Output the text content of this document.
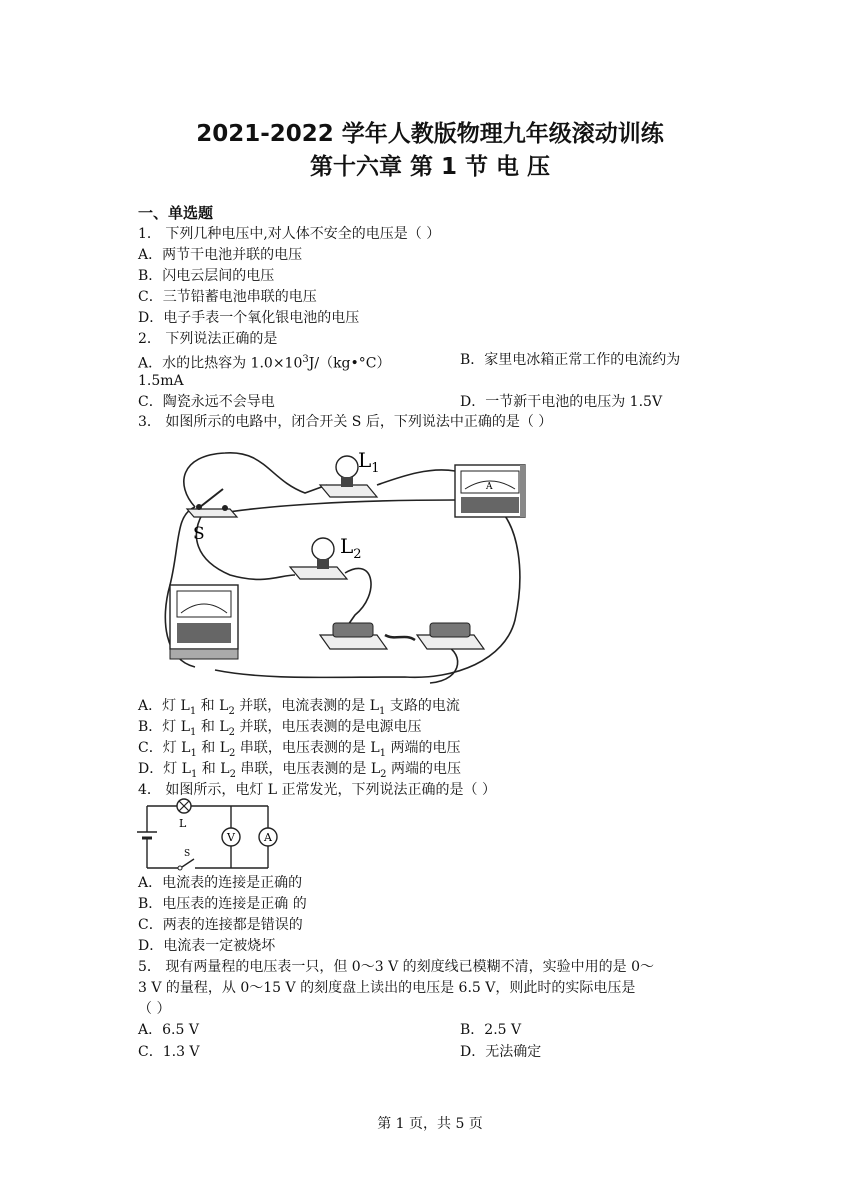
2021-2022 学年人教版物理九年级滚动训练
第十六章 第 1 节 电 压
一、单选题
1． 下列几种电压中,对人体不安全的电压是（ ）
A．两节干电池并联的电压
B．闪电云层间的电压
C．三节铅蓄电池串联的电压
D．电子手表一个氧化银电池的电压
2． 下列说法正确的是
A．水的比热容为 $1.0\times 10^3J/(kg•^\circ C)$	B．家里电冰箱正常工作的电流约为
1.5mA
C．陶瓷永远不会导电	D．一节新干电池的电压为 1.5V
3． 如图所示的电路中，闭合开关 S 后，下列说法中正确的是（ ）
S
$L_1$
$L_2$
A
A．灯 $L_1$ 和 $L_2$ 并联，电流表测的是 $L_1$ 支路的电流
B．灯 $L_1$ 和 $L_2$ 并联，电压表测的是电源电压
C．灯 $L_1$ 和 $L_2$ 串联，电压表测的是 $L_1$ 两端的电压
D．灯 $L_1$ 和 $L_2$ 串联，电压表测的是 $L_2$ 两端的电压
4． 如图所示，电灯 L 正常发光，下列说法正确的是（ ）
L
S
V	A
A．电流表的连接是正确的
B．电压表的连接是正确 的
C．两表的连接都是错误的
D．电流表一定被烧坏
5． 现有两量程的电压表一只，但 0～3 V 的刻度线已模糊不清，实验中用的是 0～
3 V 的量程，从 0～15 V 的刻度盘上读出的电压是 6.5 V，则此时的实际电压是
（ ）
A．6.5 V	B．2.5 V
C．1.3 V	D．无法确定
第 1 页，共 5 页
